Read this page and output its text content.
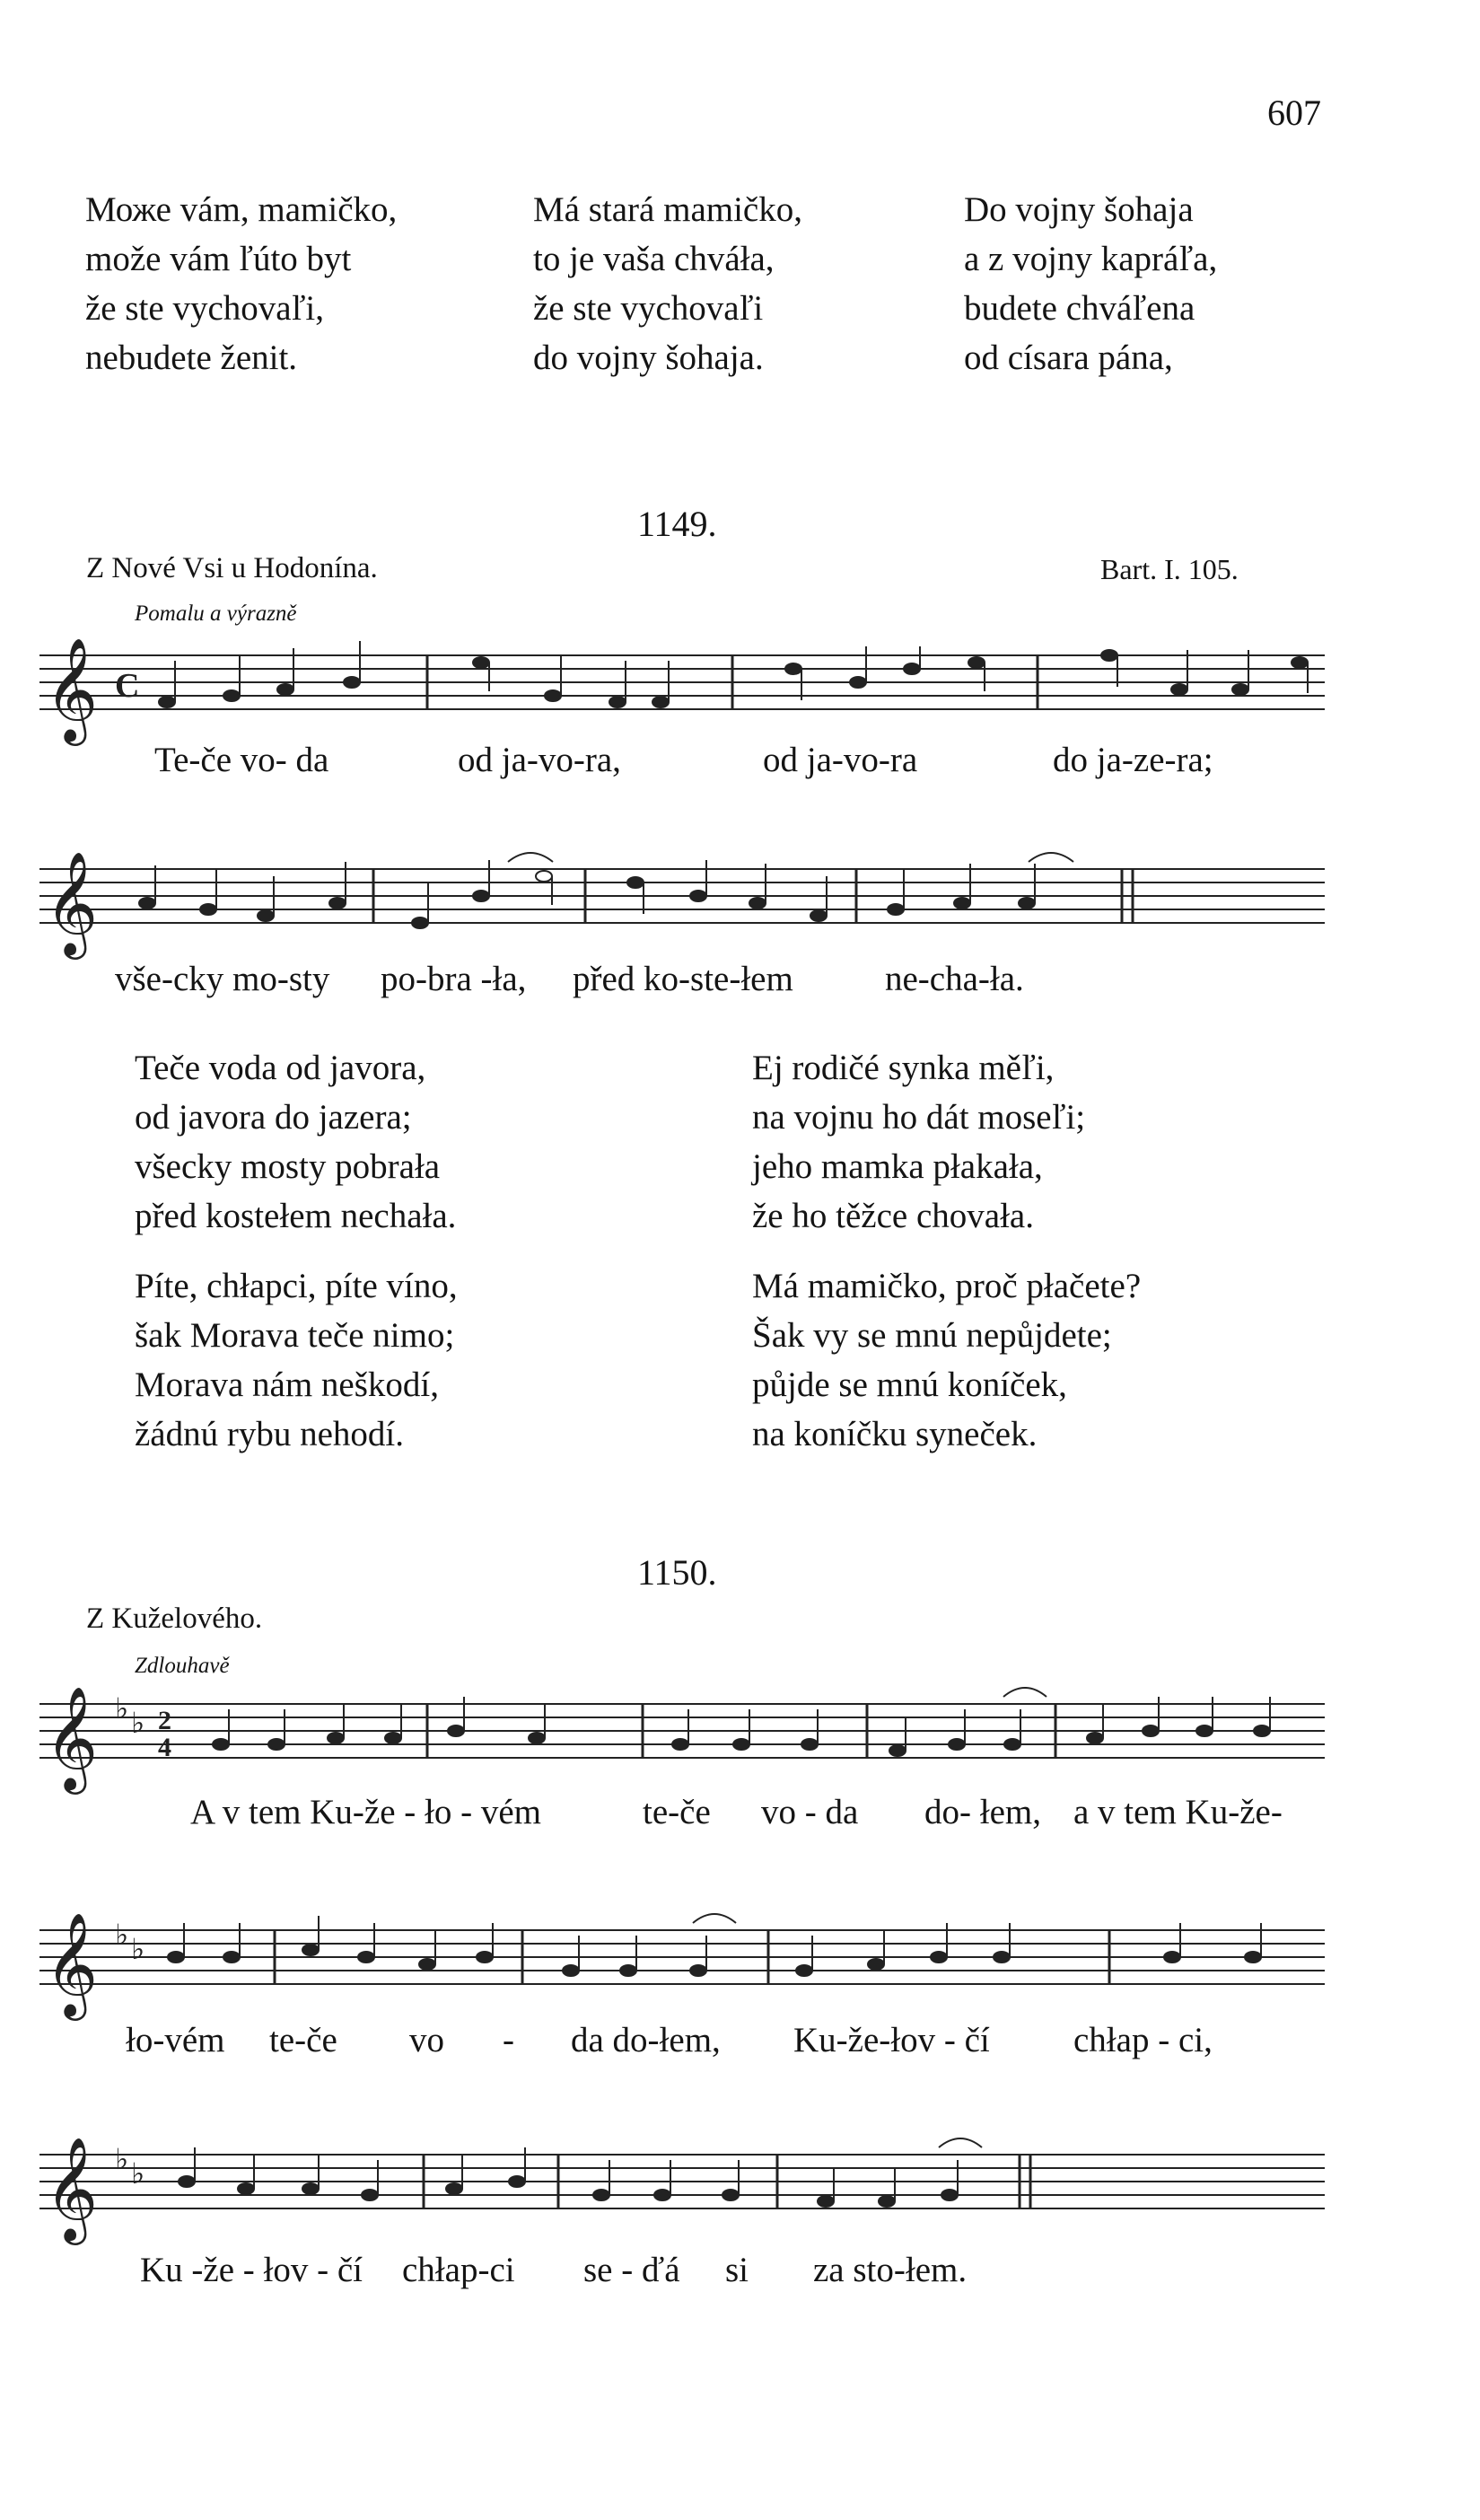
607
Може vám, mamičko,
može vám ľúto byt
že ste vychovaľi,
nebudete ženit.
Má stará mamičko,
to je vaša chváła,
že ste vychovaľi
do vojny šohaja.
Do vojny šohaja
a z vojny kapráľa,
budete chváľena
od císara pána,
1149.
Z Nové Vsi u Hodonína.	Bart. I. 105.
Pomalu a výrazně
𝄞 C
Te-če vo- da	od ja-vo-ra,	od ja-vo-ra	do ja-ze-ra;
𝄞
vše-cky mo-sty po-bra -ła, před ko-ste-łem	ne-cha-ła.
Teče voda od javora,
od javora do jazera;
všecky mosty pobrała
před kostełem nechała.
Ej rodičé synka měľi,
na vojnu ho dát moseľi;
jeho mamka płakała,
že ho těžce chovała.
Píte, chłapci, píte víno,
šak Morava teče nimo;
Morava nám neškodí,
žádnú rybu nehodí.
Má mamičko, proč płačete?
Šak vy se mnú nepůjdete;
půjde se mnú koníček,
na koníčku syneček.
1150.
Z Kuželového.
Zdlouhavě
𝄞 ♭ ♭ 2
4
A v tem Ku-že - ło - vém	te-če vo - da do- łem, a v tem Ku-že-
𝄞 ♭ ♭
ło-vém te-če vo - da do-łem, Ku-že-łov - čí chłap - ci,
𝄞 ♭ ♭
Ku -že - łov - čí chłap-ci se - ďá si za sto-łem.
